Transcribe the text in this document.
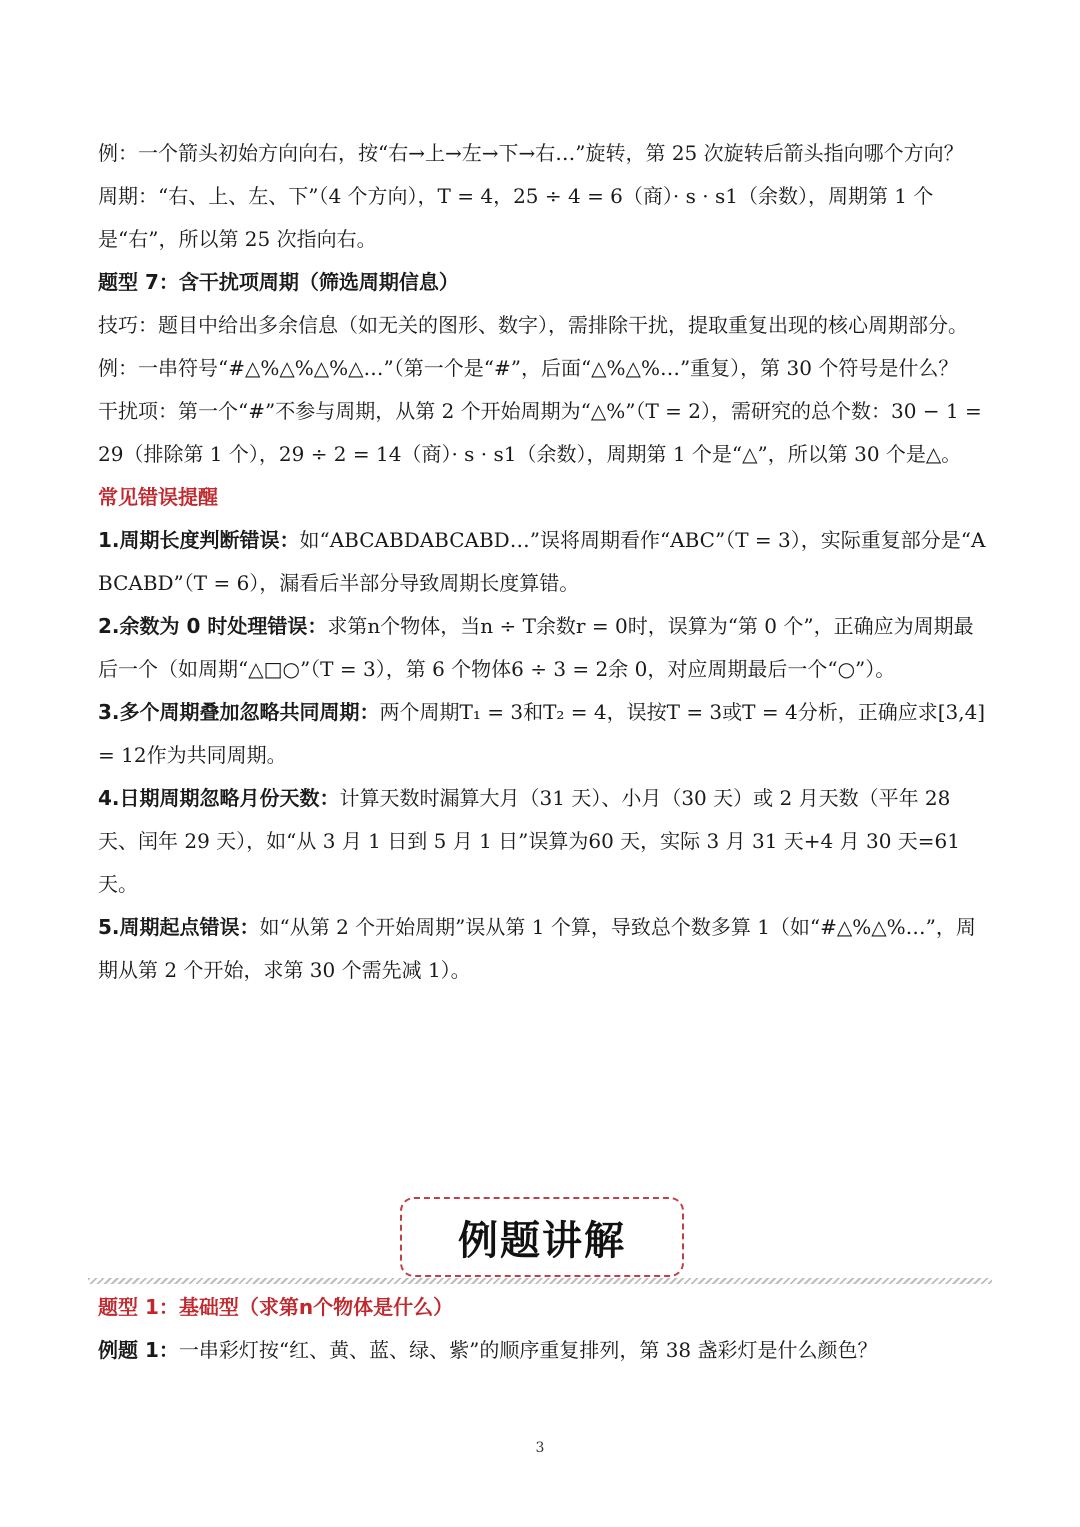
例：一个箭头初始方向向右，按“右→上→左→下→右…”旋转，第 25 次旋转后箭头指向哪个方向？

周期：“右、上、左、下”（4 个方向），T = 4，25 ÷ 4 = 6（商）· s · s1（余数），周期第 1 个是“右”，所以第 25 次指向右。

题型 7：含干扰项周期（筛选周期信息）

技巧：题目中给出多余信息（如无关的图形、数字），需排除干扰，提取重复出现的核心周期部分。

例：一串符号“#△%△%△%△…”（第一个是“#”，后面“△%△%…”重复），第 30 个符号是什么？

干扰项：第一个“#”不参与周期，从第 2 个开始周期为“△%”（T = 2），需研究的总个数：30 − 1 = 29（排除第 1 个），29 ÷ 2 = 14（商）· s · s1（余数），周期第 1 个是“△”，所以第 30 个是△。

常见错误提醒

1.周期长度判断错误：如“ABCABDABCABD…”误将周期看作“ABC”（T = 3），实际重复部分是“ABCABD”（T = 6），漏看后半部分导致周期长度算错。

2.余数为 0 时处理错误：求第n个物体，当n ÷ T余数r = 0时，误算为“第 0 个”，正确应为周期最后一个（如周期“△□○”（T = 3），第 6 个物体6 ÷ 3 = 2余 0，对应周期最后一个“○”）。

3.多个周期叠加忽略共同周期：两个周期T₁ = 3和T₂ = 4，误按T = 3或T = 4分析，正确应求[3,4] = 12作为共同周期。

4.日期周期忽略月份天数：计算天数时漏算大月（31 天）、小月（30 天）或 2 月天数（平年 28 天、闰年 29 天），如“从 3 月 1 日到 5 月 1 日”误算为60 天，实际 3 月 31 天+4 月 30 天=61 天。

5.周期起点错误：如“从第 2 个开始周期”误从第 1 个算，导致总个数多算 1（如“#△%△%…”，周期从第 2 个开始，求第 30 个需先减 1）。

例题讲解

题型 1：基础型（求第n个物体是什么）

例题 1：一串彩灯按“红、黄、蓝、绿、紫”的顺序重复排列，第 38 盏彩灯是什么颜色？

3
